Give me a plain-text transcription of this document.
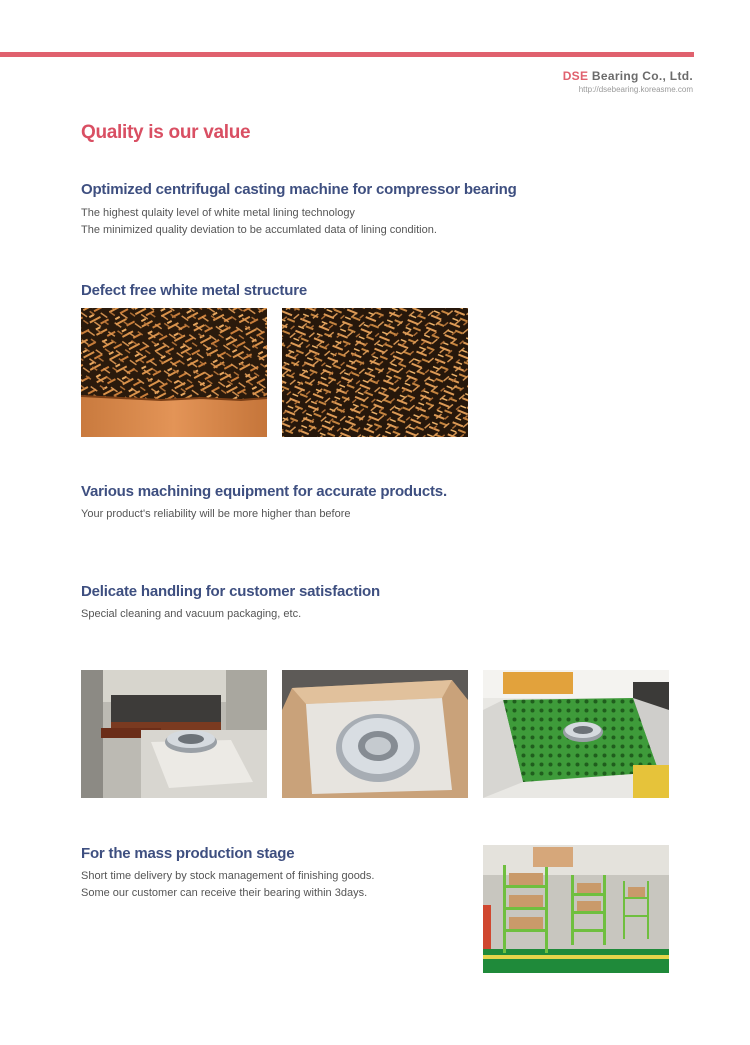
DSE Bearing Co., Ltd.
http://dsebearing.koreasme.com
Quality is our value
Optimized centrifugal casting machine for compressor bearing
The highest qulaity level of white metal lining technology
The minimized quality deviation to be accumlated data of lining condition.
Defect free white metal structure
Various machining equipment for accurate products.
Your product's reliability will be more higher than before
Delicate handling for customer satisfaction
Special cleaning and vacuum packaging, etc.
For the mass production stage
Short time delivery by stock management of finishing goods.
Some our customer can receive their bearing within 3days.
